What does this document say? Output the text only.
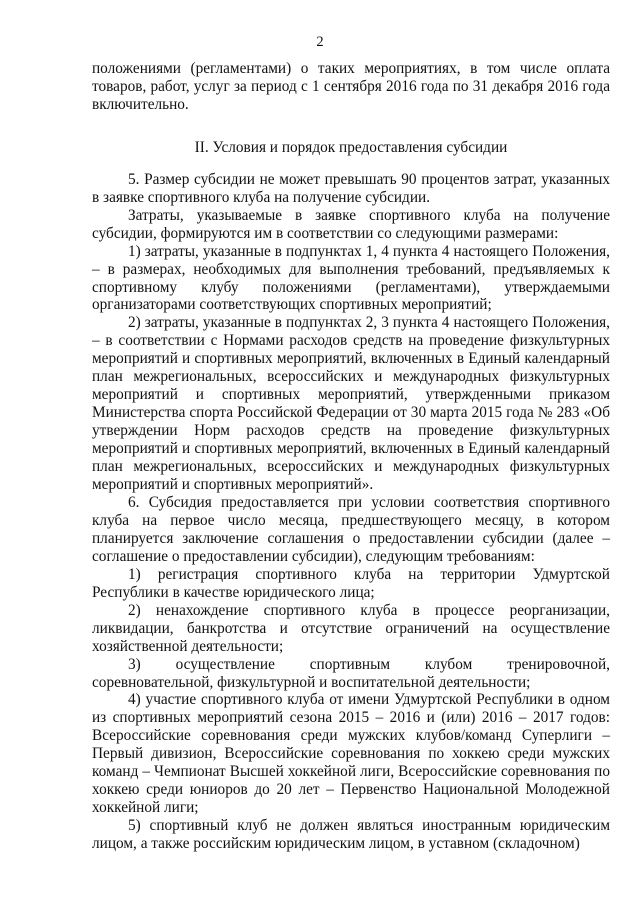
2

положениями (регламентами) о таких мероприятиях, в том числе оплата товаров, работ, услуг за период с 1 сентября 2016 года по 31 декабря 2016 года включительно.

II. Условия и порядок предоставления субсидии

5. Размер субсидии не может превышать 90 процентов затрат, указанных в заявке спортивного клуба на получение субсидии.

Затраты, указываемые в заявке спортивного клуба на получение субсидии, формируются им в соответствии со следующими размерами:

1) затраты, указанные в подпунктах 1, 4 пункта 4 настоящего Положения, – в размерах, необходимых для выполнения требований, предъявляемых к спортивному клубу положениями (регламентами), утверждаемыми организаторами соответствующих спортивных мероприятий;

2) затраты, указанные в подпунктах 2, 3 пункта 4 настоящего Положения, – в соответствии с Нормами расходов средств на проведение физкультурных мероприятий и спортивных мероприятий, включенных в Единый календарный план межрегиональных, всероссийских и международных физкультурных мероприятий и спортивных мероприятий, утвержденными приказом Министерства спорта Российской Федерации от 30 марта 2015 года № 283 «Об утверждении Норм расходов средств на проведение физкультурных мероприятий и спортивных мероприятий, включенных в Единый календарный план межрегиональных, всероссийских и международных физкультурных мероприятий и спортивных мероприятий».

6. Субсидия предоставляется при условии соответствия спортивного клуба на первое число месяца, предшествующего месяцу, в котором планируется заключение соглашения о предоставлении субсидии (далее – соглашение о предоставлении субсидии), следующим требованиям:

1) регистрация спортивного клуба на территории Удмуртской Республики в качестве юридического лица;

2) ненахождение спортивного клуба в процессе реорганизации, ликвидации, банкротства и отсутствие ограничений на осуществление хозяйственной деятельности;

3) осуществление спортивным клубом тренировочной, соревновательной, физкультурной и воспитательной деятельности;

4) участие спортивного клуба от имени Удмуртской Республики в одном из спортивных мероприятий сезона 2015 – 2016 и (или) 2016 – 2017 годов: Всероссийские соревнования среди мужских клубов/команд Суперлиги – Первый дивизион, Всероссийские соревнования по хоккею среди мужских команд – Чемпионат Высшей хоккейной лиги, Всероссийские соревнования по хоккею среди юниоров до 20 лет – Первенство Национальной Молодежной хоккейной лиги;

5) спортивный клуб не должен являться иностранным юридическим лицом, а также российским юридическим лицом, в уставном (складочном)
